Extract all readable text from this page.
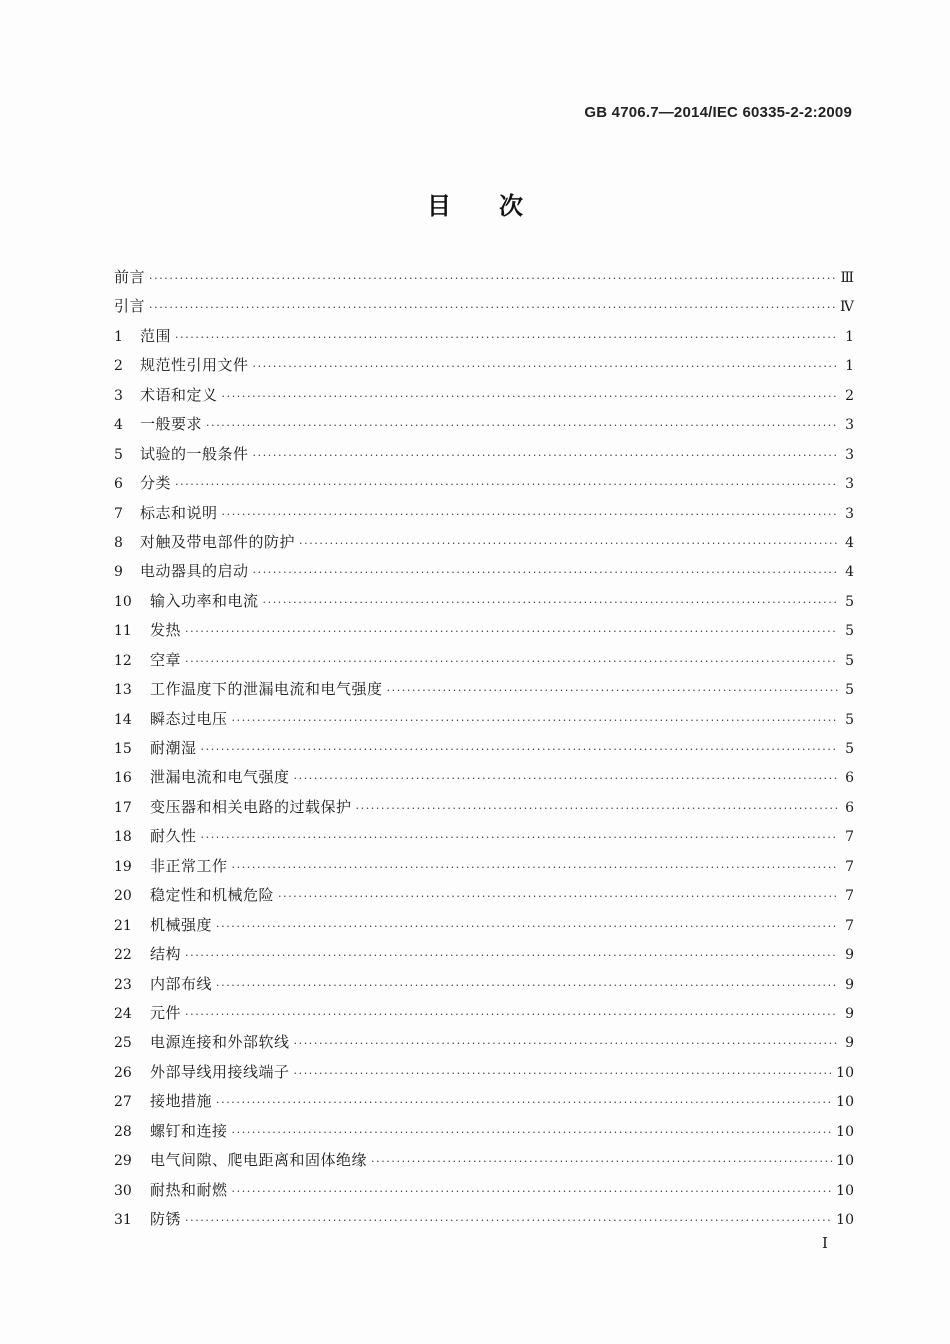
GB 4706.7—2014/IEC 60335-2-2:2009
目次
前言 ·····	Ⅲ
引言 ·····	Ⅳ
1	范围 ·····	1
2	规范性引用文件 ·····	1
3	术语和定义 ·····	2
4	一般要求 ·····	3
5	试验的一般条件 ·····	3
6	分类 ·····	3
7	标志和说明 ·····	3
8	对触及带电部件的防护 ·····	4
9	电动器具的启动 ·····	4
10	输入功率和电流 ·····	5
11	发热 ·····	5
12	空章 ·····	5
13	工作温度下的泄漏电流和电气强度 ·····	5
14	瞬态过电压 ·····	5
15	耐潮湿 ·····	5
16	泄漏电流和电气强度 ·····	6
17	变压器和相关电路的过载保护 ·····	6
18	耐久性 ·····	7
19	非正常工作 ·····	7
20	稳定性和机械危险 ·····	7
21	机械强度 ·····	7
22	结构 ·····	9
23	内部布线 ·····	9
24	元件 ·····	9
25	电源连接和外部软线 ·····	9
26	外部导线用接线端子 ·····	10
27	接地措施 ·····	10
28	螺钉和连接 ·····	10
29	电气间隙、爬电距离和固体绝缘 ·····	10
30	耐热和耐燃 ·····	10
31	防锈 ·····	10
I
